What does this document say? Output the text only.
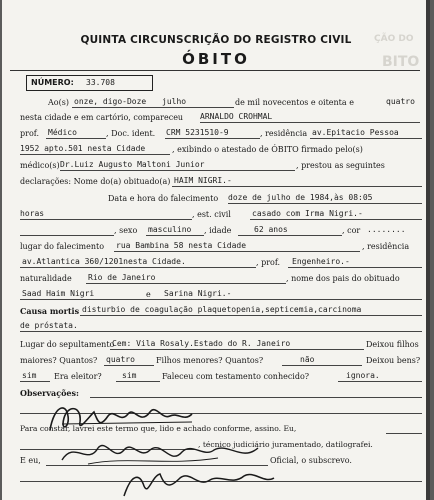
ÇÃO DO
BITO
QUINTA CIRCUNSCRIÇÃO DO REGISTRO CIVIL
ÓBITO
NÚMERO: 33.708
Ao(s) onze, digo-Doze julho	de mil novecentos e oitenta e	quatro
nesta cidade e em cartório, compareceu ARNALDO CROHMAL
prof. Médico	, Doc. ident. CRM 5231510-9	, residência av.Epitacio Pessoa
1952 apto.501 nesta Cidade	, exibindo o atestado de ÓBITO firmado pelo(s)
médico(s) Dr.Luiz Augusto Maltoni Junior	, prestou as seguintes
declarações: Nome do(a) obituado(a) HAIM NIGRI.-
Data e hora do falecimento doze de julho de 1984,às 08:05
horas	, est. civil	casado com Irma Nigri.-
, sexo masculino , idade	62 anos	, cor ........
lugar do falecimento rua Bambina 58 nesta Cidade	, residência
av.Atlantica 360/1201nesta Cidade.	, prof. Engenheiro.-
naturalidade Rio de Janeiro	, nome dos pais do obituado
Saad Haim Nigri	e Sarina Nigri.-
Causa mortis disturbio de coagulação plaquetopenia,septicemia,carcinoma
de próstata.
Lugar do sepultamento
Cem: Vila Rosaly.Estado do R. Janeiro	Deixou filhos
maiores? Quantos? quatro	Filhos menores? Quantos?	não	Deixou bens?
sim Era eleitor?	sim	Faleceu com testamento conhecido?	ignora.
Observações:
Para constar, lavrei este termo que, lido e achado conforme, assino. Eu,
, técnico judiciário juramentado, datilografei.
E eu,	Oficial, o subscrevo.
